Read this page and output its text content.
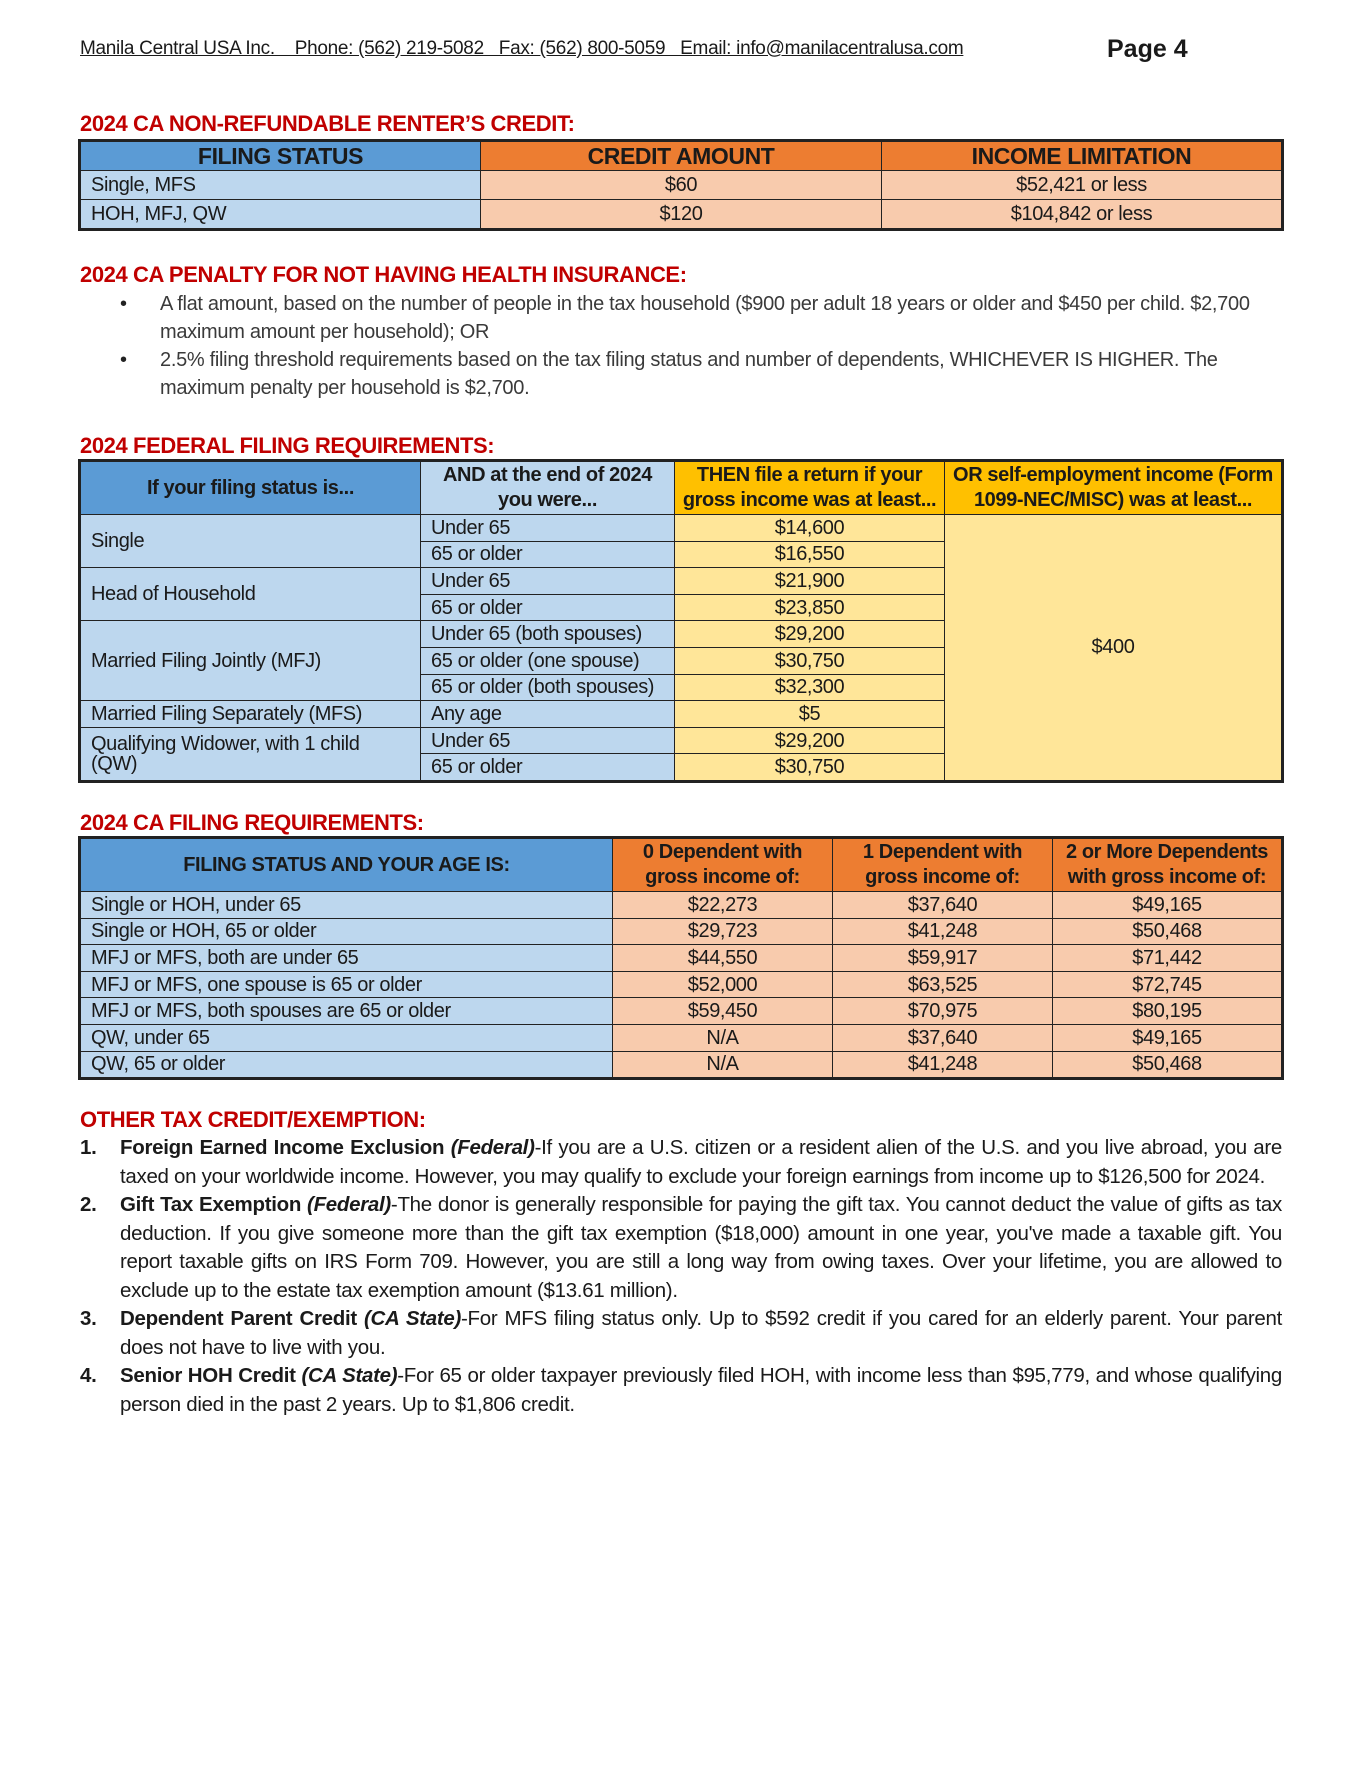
Manila Central USA Inc.    Phone: (562) 219-5082   Fax: (562) 800-5059   Email: info@manilacentralusa.com	Page 4
2024 CA NON-REFUNDABLE RENTER’S CREDIT:
FILING STATUS	CREDIT AMOUNT	INCOME LIMITATION
Single, MFS	$60	$52,421 or less
HOH, MFJ, QW	$120	$104,842 or less
2024 CA PENALTY FOR NOT HAVING HEALTH INSURANCE:
• A flat amount, based on the number of people in the tax household ($900 per adult 18 years or older and $450 per child. $2,700 maximum amount per household); OR
• 2.5% filing threshold requirements based on the tax filing status and number of dependents, WHICHEVER IS HIGHER. The maximum penalty per household is $2,700.
2024 FEDERAL FILING REQUIREMENTS:
If your filing status is...	AND at the end of 2024 you were...	THEN file a return if your gross income was at least...	OR self-employment income (Form 1099-NEC/MISC) was at least...
Single	Under 65	$14,600	$400
	65 or older	$16,550	
Head of Household	Under 65	$21,900	
	65 or older	$23,850	
Married Filing Jointly (MFJ)	Under 65 (both spouses)	$29,200	
	65 or older (one spouse)	$30,750	
	65 or older (both spouses)	$32,300	
Married Filing Separately (MFS)	Any age	$5	
Qualifying Widower, with 1 child (QW)	Under 65	$29,200	
	65 or older	$30,750	
2024 CA FILING REQUIREMENTS:
FILING STATUS AND YOUR AGE IS:	0 Dependent with gross income of:	1 Dependent with gross income of:	2 or More Dependents with gross income of:
Single or HOH, under 65	$22,273	$37,640	$49,165
Single or HOH, 65 or older	$29,723	$41,248	$50,468
MFJ or MFS, both are under 65	$44,550	$59,917	$71,442
MFJ or MFS, one spouse is 65 or older	$52,000	$63,525	$72,745
MFJ or MFS, both spouses are 65 or older	$59,450	$70,975	$80,195
QW, under 65	N/A	$37,640	$49,165
QW, 65 or older	N/A	$41,248	$50,468
OTHER TAX CREDIT/EXEMPTION:
1.	Foreign Earned Income Exclusion (Federal)-If you are a U.S. citizen or a resident alien of the U.S. and you live abroad, you are taxed on your worldwide income. However, you may qualify to exclude your foreign earnings from income up to $126,500 for 2024.
2.	Gift Tax Exemption (Federal)-The donor is generally responsible for paying the gift tax. You cannot deduct the value of gifts as tax deduction. If you give someone more than the gift tax exemption ($18,000) amount in one year, you've made a taxable gift. You report taxable gifts on IRS Form 709. However, you are still a long way from owing taxes. Over your lifetime, you are allowed to exclude up to the estate tax exemption amount ($13.61 million).
3.	Dependent Parent Credit (CA State)-For MFS filing status only. Up to $592 credit if you cared for an elderly parent. Your parent does not have to live with you.
4.	Senior HOH Credit (CA State)-For 65 or older taxpayer previously filed HOH, with income less than $95,779, and whose qualifying person died in the past 2 years. Up to $1,806 credit.
